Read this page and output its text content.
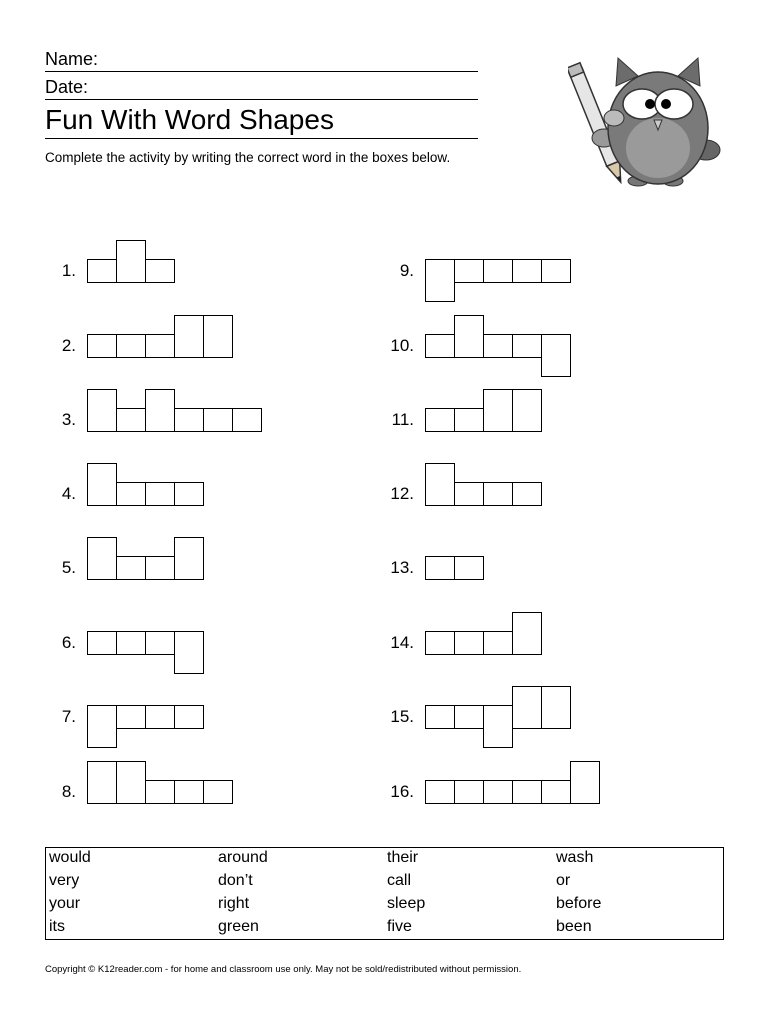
Name:
Date:
Fun With Word Shapes
Complete the activity by writing the correct word in the boxes below.
1.
2.
3.
4.
5.
6.
7.
8.
9.
10.
11.
12.
13.
14.
15.
16.
would	around	their	wash
very	don’t	call	or
your	right	sleep	before
its	green	five	been
Copyright © K12reader.com - for home and classroom use only. May not be sold/redistributed without permission.
